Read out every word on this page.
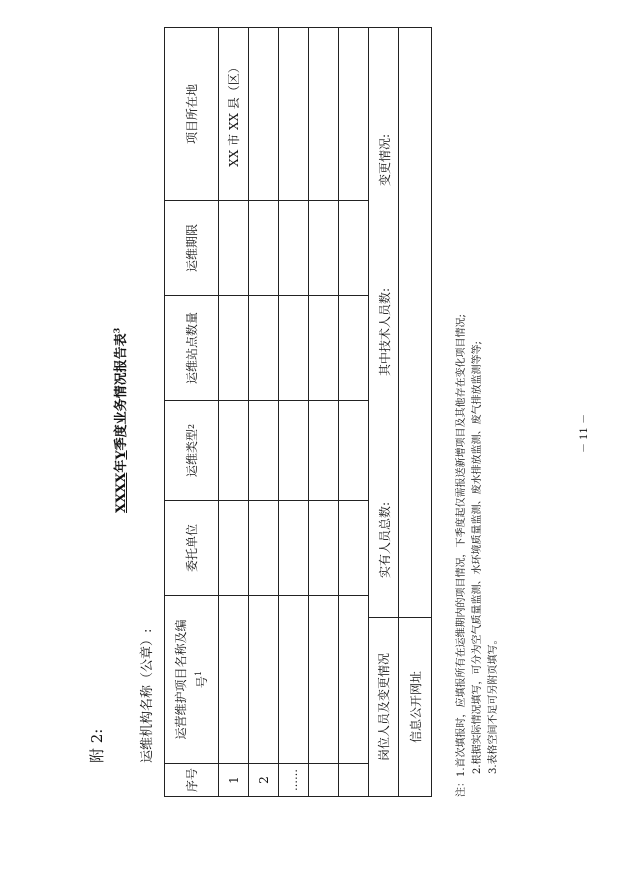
附 2:
XXXX年Y季度业务情况报告表$^3$
运维机构名称（公章）:
序号
运营维护项目名称及编号$^1$
委托单位
运维类型
2
运维站点数量
运维期限
项目所在地
1
XX 市 XX 县（区）
2	……
岗位人员及变更情况
实有人员总数:
其中技术人员数:
变更情况:
信息公开网址	注：1.首次填报时，应填报所有在运维期内的项目情况，下季度起仅需报送新增项目及其他存在变化项目情况; 2.根据实际情况填写，可分为空气质量监测、水环境质量监测、废水排放监测、废气排放监测等等; 3.表格空间不足可另附页填写。
－ 11 －
